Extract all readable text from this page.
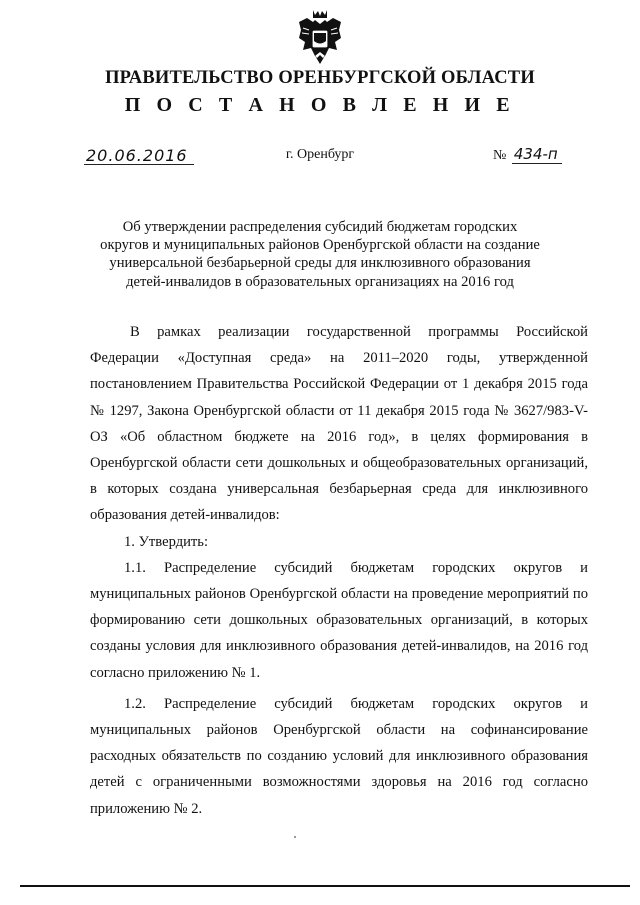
ПРАВИТЕЛЬСТВО ОРЕНБУРГСКОЙ ОБЛАСТИ
П О С Т А Н О В Л Е Н И Е
20.06.2016	г. Оренбург	№ 434-п
Об утверждении распределения субсидий бюджетам городских округов и муниципальных районов Оренбургской области на создание универсальной безбарьерной среды для инклюзивного образования детей-инвалидов в образовательных организациях на 2016 год

В рамках реализации государственной программы Российской Федерации «Доступная среда» на 2011–2020 годы, утвержденной постановлением Правительства Российской Федерации от 1 декабря 2015 года № 1297, Закона Оренбургской области от 11 декабря 2015 года № 3627/983-V-ОЗ «Об областном бюджете на 2016 год», в целях формирования в Оренбургской области сети дошкольных и общеобразовательных организаций, в которых создана универсальная безбарьерная среда для инклюзивного образования детей-инвалидов:

1. Утвердить:

1.1. Распределение субсидий бюджетам городских округов и муниципальных районов Оренбургской области на проведение мероприятий по формированию сети дошкольных образовательных организаций, в которых созданы условия для инклюзивного образования детей-инвалидов, на 2016 год согласно приложению № 1.

1.2. Распределение субсидий бюджетам городских округов и муниципальных районов Оренбургской области на софинансирование расходных обязательств по созданию условий для инклюзивного образования детей с ограниченными возможностями здоровья на 2016 год согласно приложению № 2.
